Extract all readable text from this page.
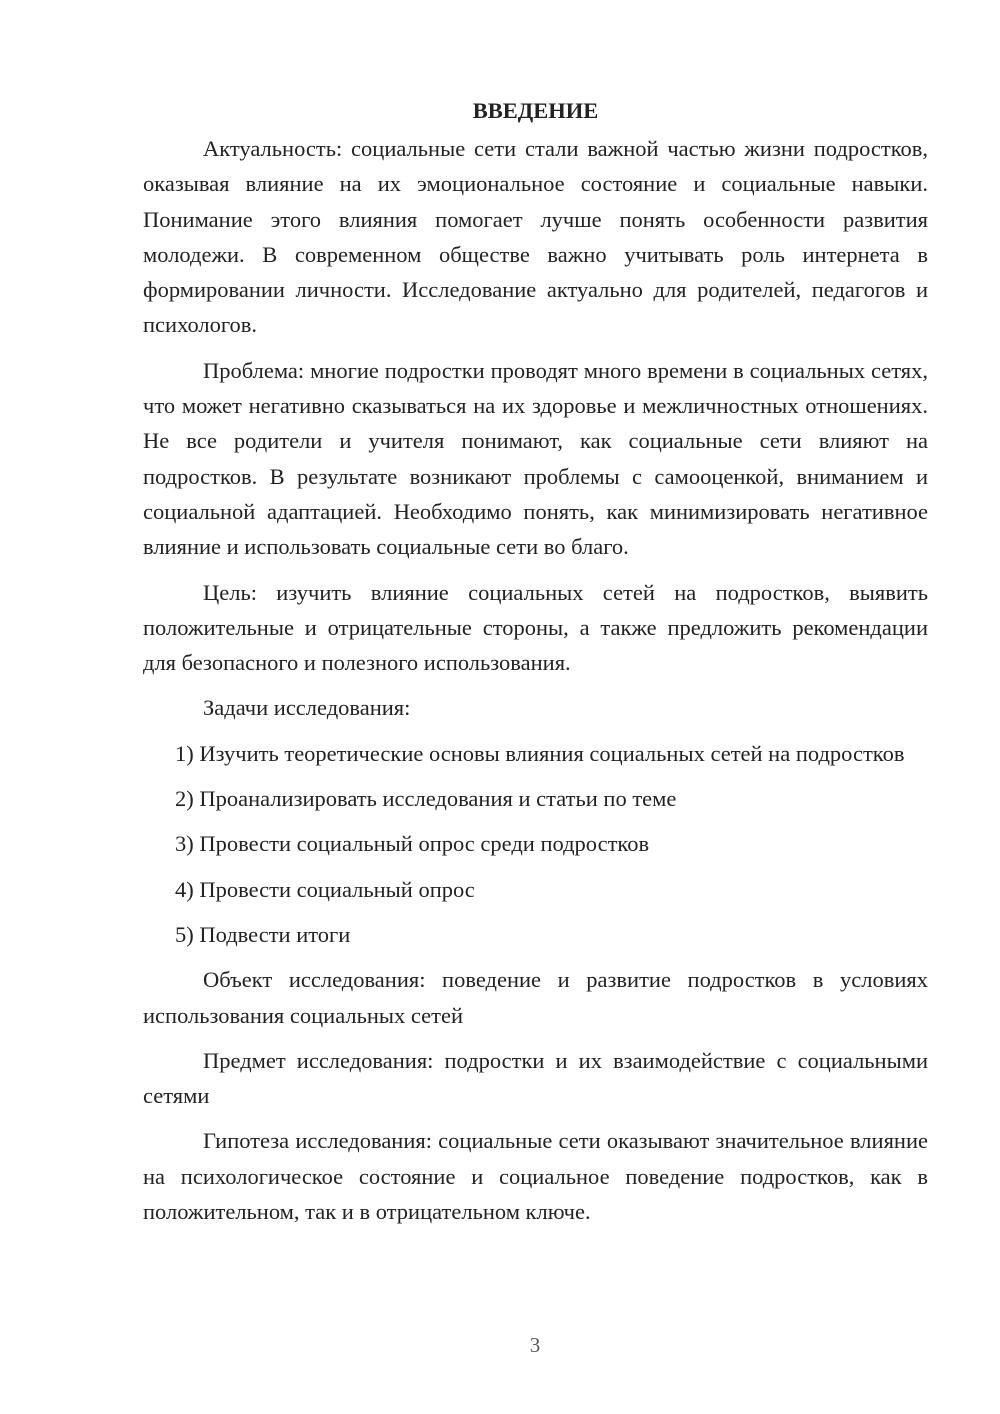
ВВЕДЕНИЕ

Актуальность: социальные сети стали важной частью жизни подростков, оказывая влияние на их эмоциональное состояние и социальные навыки. Понимание этого влияния помогает лучше понять особенности развития молодежи. В современном обществе важно учитывать роль интернета в формировании личности. Исследование актуально для родителей, педагогов и психологов.

Проблема: многие подростки проводят много времени в социальных сетях, что может негативно сказываться на их здоровье и межличностных отношениях. Не все родители и учителя понимают, как социальные сети влияют на подростков. В результате возникают проблемы с самооценкой, вниманием и социальной адаптацией. Необходимо понять, как минимизировать негативное влияние и использовать социальные сети во благо.

Цель: изучить влияние социальных сетей на подростков, выявить положительные и отрицательные стороны, а также предложить рекомендации для безопасного и полезного использования.

Задачи исследования:

1) Изучить теоретические основы влияния социальных сетей на подростков

2) Проанализировать исследования и статьи по теме

3) Провести социальный опрос среди подростков

4) Провести социальный опрос

5) Подвести итоги

Объект исследования: поведение и развитие подростков в условиях использования социальных сетей

Предмет исследования: подростки и их взаимодействие с социальными сетями

Гипотеза исследования: социальные сети оказывают значительное влияние на психологическое состояние и социальное поведение подростков, как в положительном, так и в отрицательном ключе.

3
